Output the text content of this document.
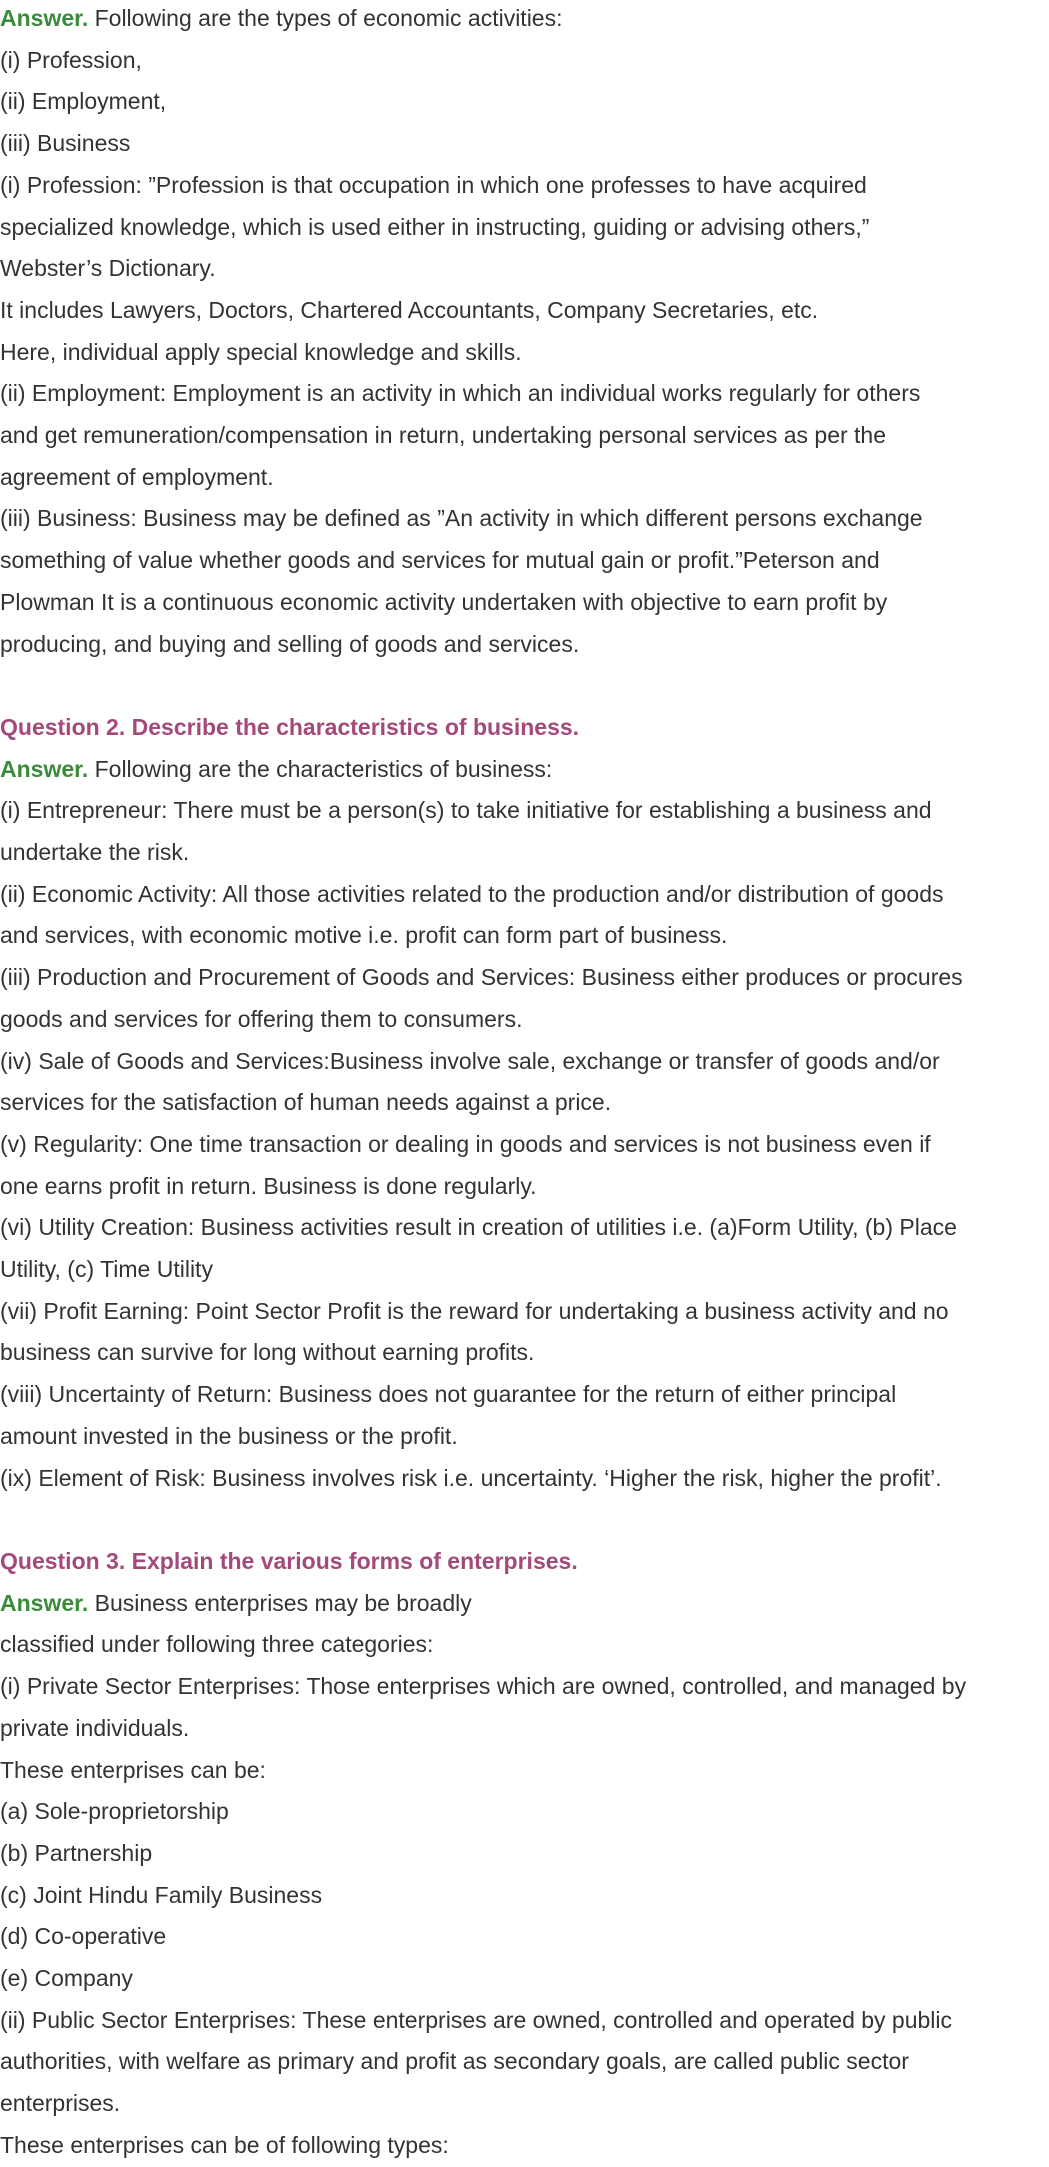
Answer. Following are the types of economic activities:
(i) Profession,
(ii) Employment,
(iii) Business
(i) Profession: ”Profession is that occupation in which one professes to have acquired
specialized knowledge, which is used either in instructing, guiding or advising others,”
Webster’s Dictionary.
It includes Lawyers, Doctors, Chartered Accountants, Company Secretaries, etc.
Here, individual apply special knowledge and skills.
(ii) Employment: Employment is an activity in which an individual works regularly for others
and get remuneration/compensation in return, undertaking personal services as per the
agreement of employment.
(iii) Business: Business may be defined as ”An activity in which different persons exchange
something of value whether goods and services for mutual gain or profit.”Peterson and
Plowman It is a continuous economic activity undertaken with objective to earn profit by
producing, and buying and selling of goods and services.
Question 2. Describe the characteristics of business.
Answer. Following are the characteristics of business:
(i) Entrepreneur: There must be a person(s) to take initiative for establishing a business and
undertake the risk.
(ii) Economic Activity: All those activities related to the production and/or distribution of goods
and services, with economic motive i.e. profit can form part of business.
(iii) Production and Procurement of Goods and Services: Business either produces or procures
goods and services for offering them to consumers.
(iv) Sale of Goods and Services:Business involve sale, exchange or transfer of goods and/or
services for the satisfaction of human needs against a price.
(v) Regularity: One time transaction or dealing in goods and services is not business even if
one earns profit in return. Business is done regularly.
(vi) Utility Creation: Business activities result in creation of utilities i.e. (a)Form Utility, (b) Place
Utility, (c) Time Utility
(vii) Profit Earning: Point Sector Profit is the reward for undertaking a business activity and no
business can survive for long without earning profits.
(viii) Uncertainty of Return: Business does not guarantee for the return of either principal
amount invested in the business or the profit.
(ix) Element of Risk: Business involves risk i.e. uncertainty. ‘Higher the risk, higher the profit’.
Question 3. Explain the various forms of enterprises.
Answer. Business enterprises may be broadly
classified under following three categories:
(i) Private Sector Enterprises: Those enterprises which are owned, controlled, and managed by
private individuals.
These enterprises can be:
(a) Sole-proprietorship
(b) Partnership
(c) Joint Hindu Family Business
(d) Co-operative
(e) Company
(ii) Public Sector Enterprises: These enterprises are owned, controlled and operated by public
authorities, with welfare as primary and profit as secondary goals, are called public sector
enterprises.
These enterprises can be of following types:
